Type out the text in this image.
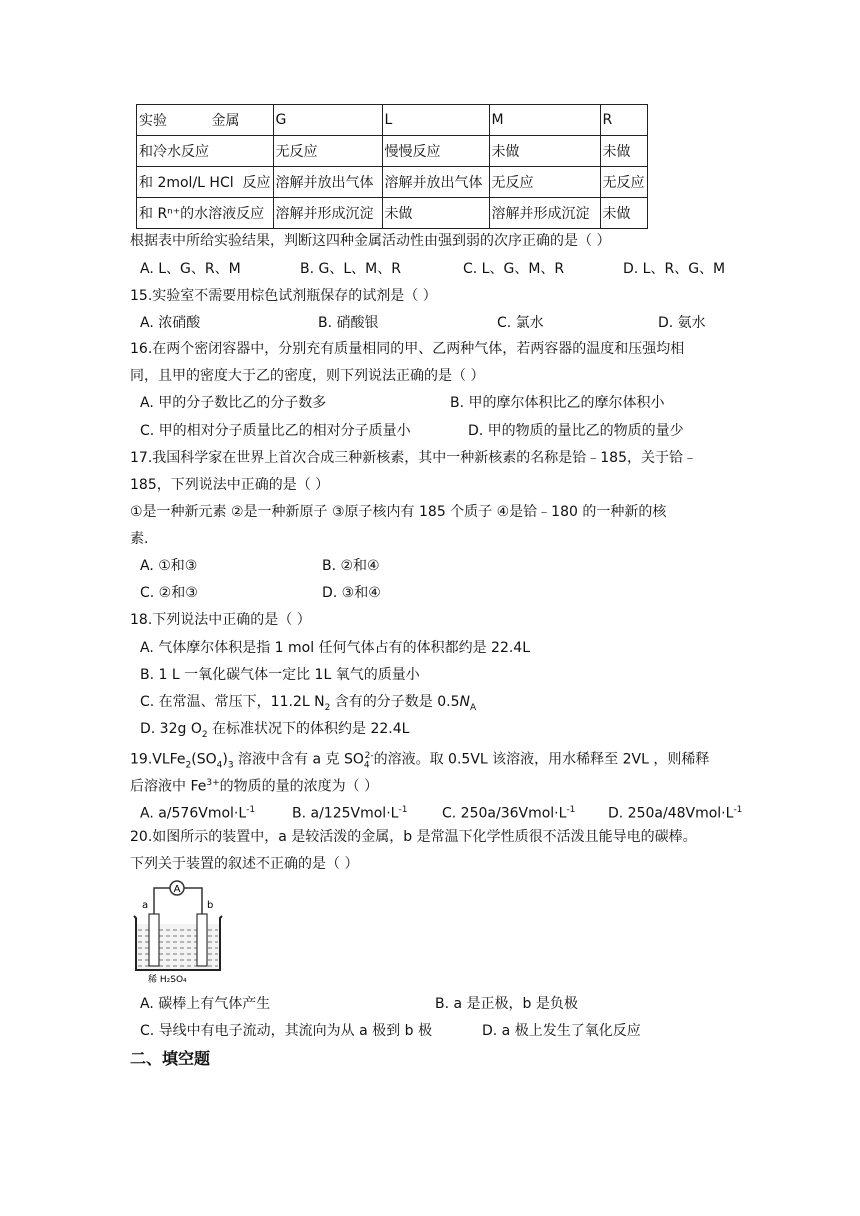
实验          金属	G	L	M	R
和冷水反应	无反应	慢慢反应	未做	未做
和 2mol/L HCl  反应	溶解并放出气体	溶解并放出气体	无反应	无反应
和 Rⁿ⁺的水溶液反应	溶解并形成沉淀	未做	溶解并形成沉淀	未做
根据表中所给实验结果，判断这四种金属活动性由强到弱的次序正确的是（ ）
A. L、G、R、M	B. G、L、M、R	C. L、G、M、R	D. L、R、G、M
15.实验室不需要用棕色试剂瓶保存的试剂是（ ）
A. 浓硝酸	B. 硝酸银	C. 氯水	D. 氨水
16.在两个密闭容器中，分别充有质量相同的甲、乙两种气体，若两容器的温度和压强均相
同，且甲的密度大于乙的密度，则下列说法正确的是（ ）
A. 甲的分子数比乙的分子数多	B. 甲的摩尔体积比乙的摩尔体积小
C. 甲的相对分子质量比乙的相对分子质量小	D. 甲的物质的量比乙的物质的量少
17.我国科学家在世界上首次合成三种新核素，其中一种新核素的名称是铪﹣185，关于铪﹣
185，下列说法中正确的是（ ）
①是一种新元素 ②是一种新原子 ③原子核内有 185 个质子 ④是铪﹣180 的一种新的核
素.
A. ①和③	B. ②和④
C. ②和③	D. ③和④
18.下列说法中正确的是（ ）
A. 气体摩尔体积是指 1 mol 任何气体占有的体积都约是 22.4L
B. 1 L 一氧化碳气体一定比 1L 氧气的质量小
C. 在常温、常压下，11.2L $N_2$ 含有的分子数是 $0.5N_A$
D. 32g $O_2$ 在标准状况下的体积约是 22.4L
$19.VLFe_2(SO_4)_3$ 溶液中含有 a 克 $SO_4^{2-}$的溶液。取 0.5VL 该溶液，用水稀释至 2VL ，则稀释
后溶液中 $Fe^{3+}$的物质的量的浓度为（ ）
A. $a/576Vmol\cdot L^{-1}$	B. $a/125Vmol\cdot L^{-1}$ C. $250a/36Vmol\cdot L^{-1}$ D. $250a/48Vmol\cdot L^{-1}$
20.如图所示的装置中，a 是较活泼的金属，b 是常温下化学性质很不活泼且能导电的碳棒。
下列关于装置的叙述不正确的是（ ）
A
a	b
稀 H₂SO₄
A. 碳棒上有气体产生	B. a 是正极，b 是负极
C. 导线中有电子流动，其流向为从 a 极到 b 极	D. a 极上发生了氧化反应
二、填空题
